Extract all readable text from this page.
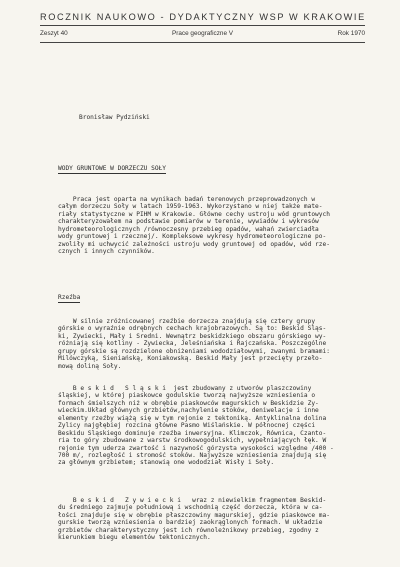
ROCZNIK NAUKOWO - DYDAKTYCZNY WSP W KRAKOWIE
Zeszyt 40	Prace geograficzne V	Rok 1970
Bronisław Pydziński
WODY GRUNTOWE W DORZECZU SOŁY
Praca jest oparta na wynikach badań terenowych przeprowadzonych w
całym dorzeczu Soły w latach 1959-1963. Wykorzystano w niej także mate-
riały statystyczne w PIHM w Krakowie. Główne cechy ustroju wód gruntowych
charakteryzowałem na podstawie pomiarów w terenie, wywiadów i wykresów
hydrometeorologicznych /równoczesny przebieg opadów, wahań zwierciadła
wody gruntowej i rzecznej/. Kompleksowe wykresy hydrometeorologiczne po-
zwoliły mi uchwycić zależności ustroju wody gruntowej od opadów, wód rze-
cznych i innych czynników.
Rzeźba
W silnie zróżnicowanej rzeźbie dorzecza znajdują się cztery grupy
górskie o wyraźnie odrębnych cechach krajobrazowych. Są to: Beskid Śląs-
ki, Żywiecki, Mały i Średni. Wewnątrz beskidzkiego obszaru górskiego wy-
różniają się kotliny - Żywiecka, Jeleśniańska i Rajczańska. Poszczególne
grupy górskie są rozdzielone obniżeniami wododziałowymi, zwanymi bramami:
Milówczyką, Sieniańską, Koniakowską. Beskid Mały jest przecięty przeło-
mową doliną Soły.
B e s k i d   Ś l ą s k i  jest zbudowany z utworów plaszczowiny
śląskiej, w której piaskowce godulskie tworzą najwyższe wzniesienia o
formach śmielszych niż w obrębie piaskowców magurskich w Beskidzie Ży-
wieckim.Układ głównych grzbietów,nachylenie stoków, deniwelacje i inne
elementy rzeźby wiążą się w tym rejonie z tektoniką. Antyklinalna dolina
Żylicy najgłębiej rozcina główne Pasmo Wiślańskie. W północnej części
Beskidu Śląskiego dominuje rzeźba inwersyjna. Klimczok, Równica, Czanto-
ria to góry zbudowane z warstw środkowogodulskich, wypełniających łęk. W
rejonie tym uderza zwartość i nazywność górzysta wysokości względne /400 -
700 m/, rozległość i stromość stoków. Najwyższe wzniesienia znajdują się
za głównym grzbietem; stanowią one wododział Wisły i Soły.
B e s k i d   Ż y w i e c k i   wraz z niewielkim fragmentem Beskid-
du średniego zajmuje południową i wschodnią część dorzecza, która w ca-
łości znajduje się w obrębie płaszczowiny magurskiej, gdzie piaskowce ma-
gurskie tworzą wzniesienia o bardziej zaokrąglonych formach. W układzie
grzbietów charakterystyczny jest ich równoleżnikowy przebieg, zgodny z
kierunkiem biegu elementów tektonicznych.
